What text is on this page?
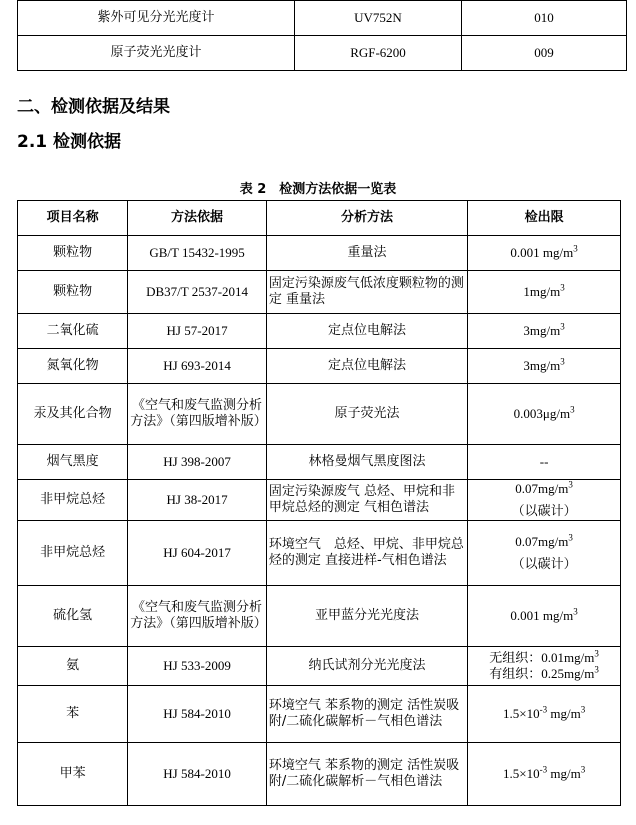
紫外可见分光光度计	UV752N	010
原子荧光光度计	RGF-6200	009
二、检测依据及结果
2.1 检测依据
表 2　检测方法依据一览表
项目名称	方法依据	分析方法	检出限
颗粒物	GB/T 15432-1995	重量法	0.001 $mg/m^3$

颗粒物	DB37/T 2537-2014	固定污染源废气低浓度颗粒物的测定 重量法	$1mg/m^3$

二氧化硫	HJ 57-2017	定点位电解法	$3mg/m^3$

氮氧化物	HJ 693-2014	定点位电解法	$3mg/m^3$

汞及其化合物	《空气和废气监测分析方法》（第四版增补版）	原子荧光法	$0.003\mu g/m^3$

烟气黑度	HJ 398-2007	林格曼烟气黑度图法	--

非甲烷总烃	HJ 38-2017	固定污染源废气 总烃、甲烷和非甲烷总烃的测定 气相色谱法	$0.07mg/m^3$
（以碳计）

非甲烷总烃	HJ 604-2017	环境空气　总烃、甲烷、非甲烷总烃的测定 直接进样-气相色谱法	$0.07mg/m^3$
（以碳计）

硫化氢	《空气和废气监测分析方法》（第四版增补版）	亚甲蓝分光光度法	0.001 $mg/m^3$

氨	HJ 533-2009	纳氏试剂分光光度法	无组织：$0.01mg/m^3$
有组织：$0.25mg/m^3$

苯	HJ 584-2010	环境空气 苯系物的测定 活性炭吸附/二硫化碳解析－气相色谱法	$1.5\times 10^{-3}$ $mg/m^3$

甲苯	HJ 584-2010	环境空气 苯系物的测定 活性炭吸附/二硫化碳解析－气相色谱法	$1.5\times 10^{-3}$ $mg/m^3$
